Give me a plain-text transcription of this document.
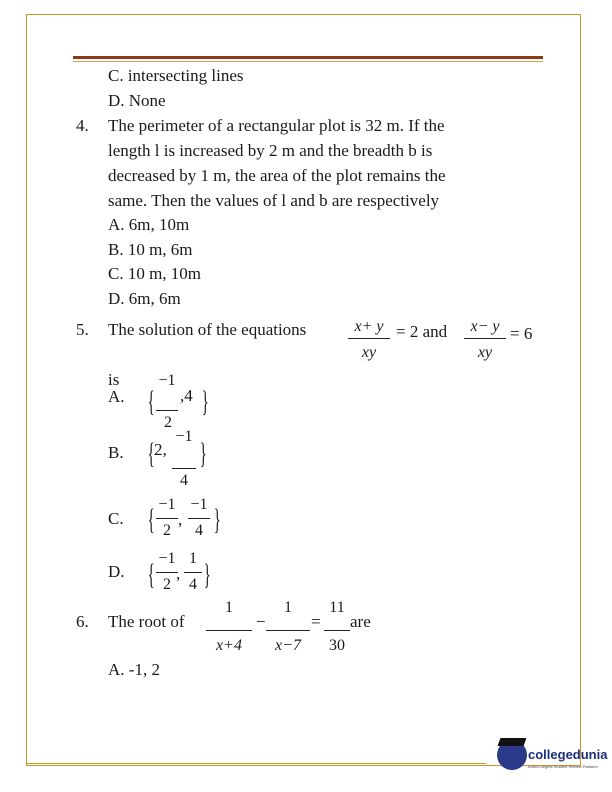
C. intersecting lines
D. None
4. The perimeter of a rectangular plot is 32 m. If the
length l is increased by 2 m and the breadth b is
decreased by 1 m, the area of the plot remains the
same. Then the values of l and b are respectively
A. 6m, 10m
B. 10 m, 6m
C. 10 m, 10m
D. 6m, 6m
5. The solution of the equations	x+ y
xy
= 2 and	x− y
xy
= 6
is
A. {
−1
2
,4 }
B. { 2,
−1
4
}
C. { −1
2
,
−1
4 }
D. { −1
2
,
1
4 }
6. The root of
1
x+4
−
1
x−7
=
11
30
are
A. -1, 2
collegedunia
India's largest Student Review Platform
